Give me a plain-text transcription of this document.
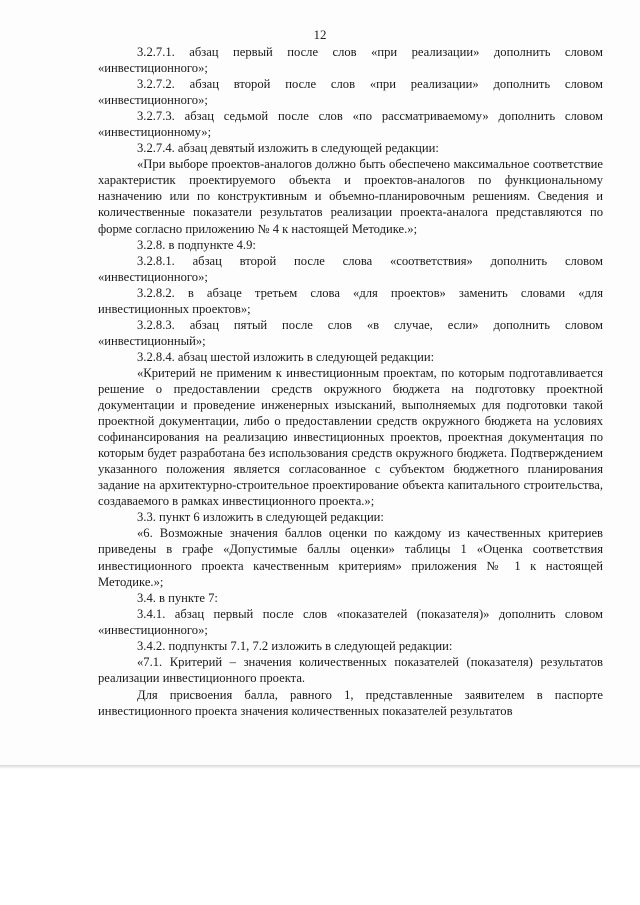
12

3.2.7.1. абзац первый после слов «при реализации» дополнить словом «инвестиционного»;

3.2.7.2. абзац второй после слов «при реализации» дополнить словом «инвестиционного»;

3.2.7.3. абзац седьмой после слов «по рассматриваемому» дополнить словом «инвестиционному»;

3.2.7.4. абзац девятый изложить в следующей редакции:

«При выборе проектов-аналогов должно быть обеспечено максимальное соответствие характеристик проектируемого объекта и проектов-аналогов по функциональному назначению или по конструктивным и объемно-планировочным решениям. Сведения и количественные показатели результатов реализации проекта-аналога представляются по форме согласно приложению № 4 к настоящей Методике.»;

3.2.8. в подпункте 4.9:

3.2.8.1. абзац второй после слова «соответствия» дополнить словом «инвестиционного»;

3.2.8.2. в абзаце третьем слова «для проектов» заменить словами «для инвестиционных проектов»;

3.2.8.3. абзац пятый после слов «в случае, если» дополнить словом «инвестиционный»;

3.2.8.4. абзац шестой изложить в следующей редакции:

«Критерий не применим к инвестиционным проектам, по которым подготавливается решение о предоставлении средств окружного бюджета на подготовку проектной документации и проведение инженерных изысканий, выполняемых для подготовки такой проектной документации, либо о предоставлении средств окружного бюджета на условиях софинансирования на реализацию инвестиционных проектов, проектная документация по которым будет разработана без использования средств окружного бюджета. Подтверждением указанного положения является согласованное с субъектом бюджетного планирования задание на архитектурно-строительное проектирование объекта капитального строительства, создаваемого в рамках инвестиционного проекта.»;

3.3. пункт 6 изложить в следующей редакции:

«6. Возможные значения баллов оценки по каждому из качественных критериев приведены в графе «Допустимые баллы оценки» таблицы 1 «Оценка соответствия инвестиционного проекта качественным критериям» приложения № 1 к настоящей Методике.»;

3.4. в пункте 7:

3.4.1. абзац первый после слов «показателей (показателя)» дополнить словом «инвестиционного»;

3.4.2. подпункты 7.1, 7.2 изложить в следующей редакции:

«7.1. Критерий – значения количественных показателей (показателя) результатов реализации инвестиционного проекта.

Для присвоения балла, равного 1, представленные заявителем в паспорте инвестиционного проекта значения количественных показателей результатов
